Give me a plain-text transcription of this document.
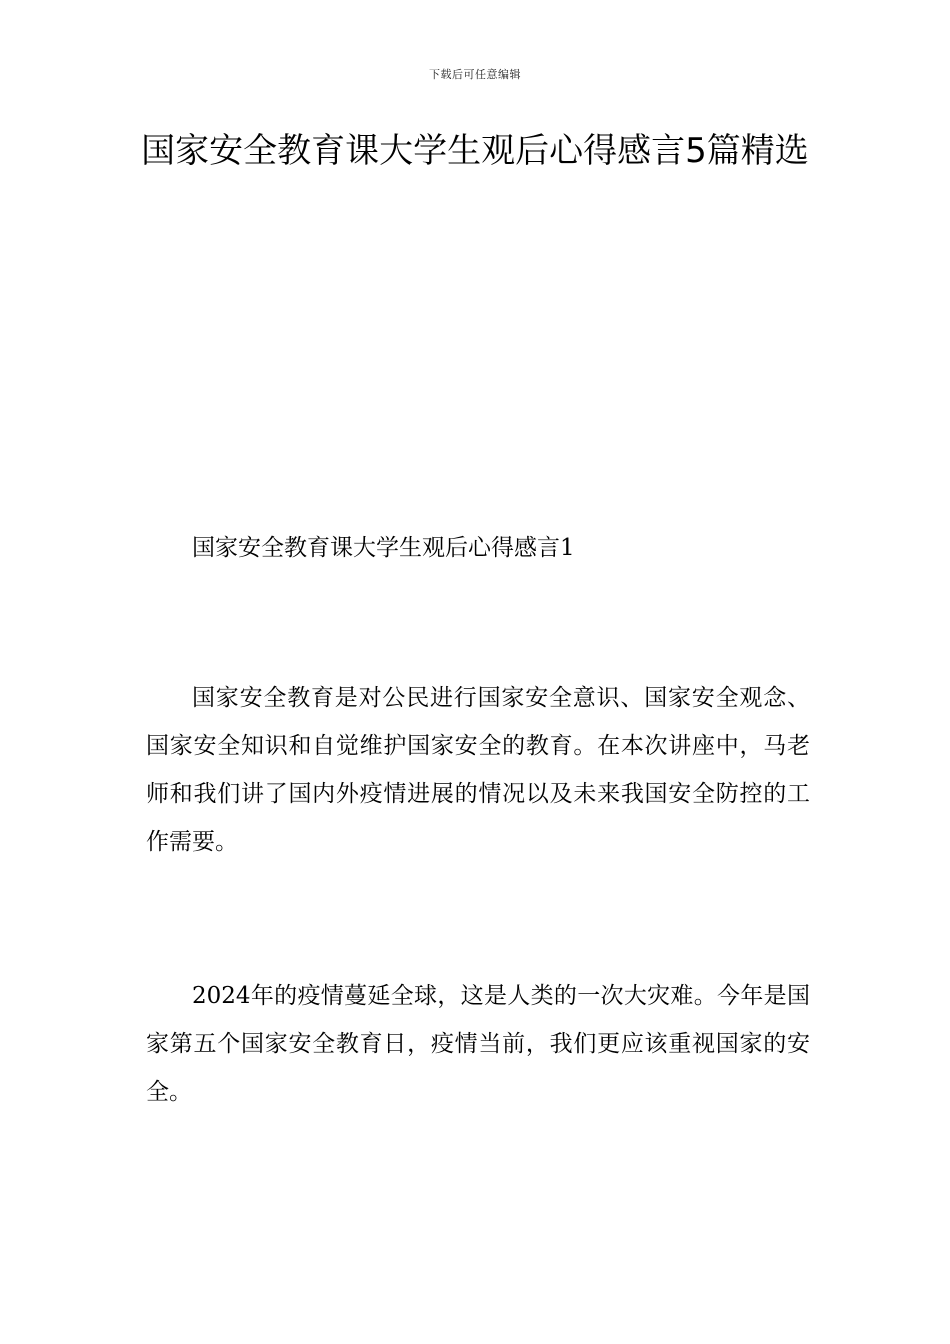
下载后可任意编辑
国家安全教育课大学生观后心得感言5篇精选
国家安全教育课大学生观后心得感言1

国家安全教育是对公民进行国家安全意识、国家安全观念、国家安全知识和自觉维护国家安全的教育。在本次讲座中，马老师和我们讲了国内外疫情进展的情况以及未来我国安全防控的工作需要。

2024年的疫情蔓延全球，这是人类的一次大灾难。今年是国家第五个国家安全教育日，疫情当前，我们更应该重视国家的安全。
